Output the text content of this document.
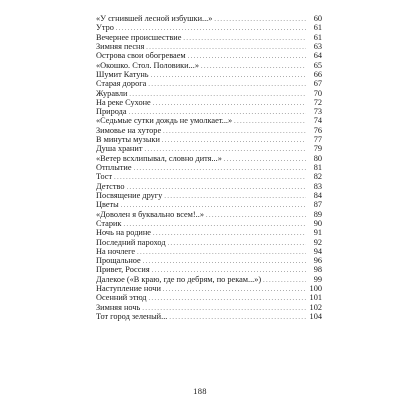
«У сгнившей лесной избушки...» . . .	60
Утро . . .	61
Вечернее происшествие . . .	61
Зимняя песня . . .	63
Острова свои обогреваем . . .	64
«Окошко. Стол. Половики...» . . .	65
Шумит Катунь . . .	66
Старая дорога . . .	67
Журавли . . .	70
На реке Сухоне . . .	72
Природа . . .	73
«Седьмые сутки дождь не умолкает...» . . .	74
Зимовье на хуторе . . .	76
В минуты музыки . . .	77
Душа хранит . . .	79
«Ветер всхлипывал, словно дитя...» . . .	80
Отплытие . . .	81
Тост . . .	82
Детство . . .	83
Посвящение другу . . .	84
Цветы . . .	87
«Доволен я буквально всем!..» . . .	89
Старик . . .	90
Ночь на родине . . .	91
Последний пароход . . .	92
На ночлеге . . .	94
Прощальное . . .	96
Привет, Россия . . .	98
Далекое («В краю, где по дебрям, по рекам...») . . .	99
Наступление ночи . . .	100
Осенний этюд . . .	101
Зимняя ночь . . .	102
Тот город зеленый... . . .	104
188
